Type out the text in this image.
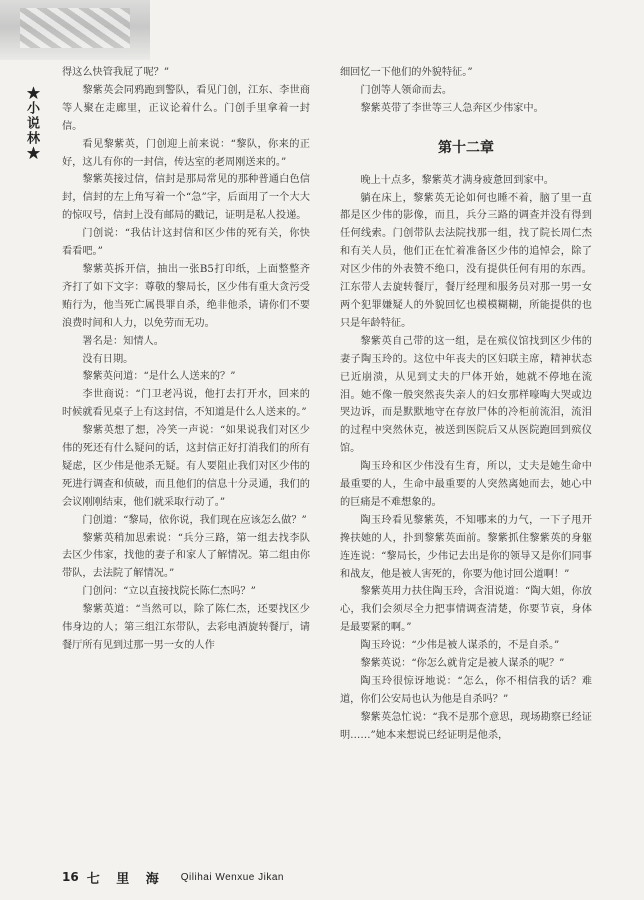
★小说林★

得这么快管我屁了呢？”

黎紫英会同鸦跑到警队，看见门创，江东、李世商等人聚在走廊里，正议论着什么。门创手里拿着一封信。

看见黎紫英，门创迎上前来说：“黎队，你来的正好，这儿有你的一封信，传达室的老周刚送来的。”

黎紫英接过信，信封是那局常见的那种普通白色信封，信封的左上角写着一个“急”字，后面用了一个大大的惊叹号，信封上没有邮局的戳记，证明是私人投递。

门创说：“我估计这封信和区少伟的死有关，你快看看吧。”

黎紫英拆开信，抽出一张B5打印纸，上面整整齐齐打了如下文字：尊敬的黎局长，区少伟有重大贪污受贿行为，他当死亡属畏罪自杀，绝非他杀，请你们不要浪费时间和人力，以免劳而无功。

署名是：知情人。

没有日期。

黎紫英问道：“是什么人送来的？”

李世商说：“门卫老冯说，他打去打开水，回来的时候就看见桌子上有这封信，不知道是什么人送来的。”

黎紫英想了想，冷笑一声说：“如果说我们对区少伟的死还有什么疑问的话，这封信正好打消我们的所有疑虑，区少伟是他杀无疑。有人要阻止我们对区少伟的死进行调查和侦破，而且他们的信息十分灵通，我们的会议刚刚结束，他们就采取行动了。”

门创道：“黎局，依你说，我们现在应该怎么做？”

黎紫英稍加思索说：“兵分三路，第一组去找李队去区少伟家，找他的妻子和家人了解情况。第二组由你带队，去法院了解情况。”

门创问：“立以直接找院长陈仁杰吗？”

黎紫英道：“当然可以，除了陈仁杰，还要找区少伟身边的人；第三组江东带队，去彩电酒旋转餐厅，请餐厅所有见到过那一男一女的人作

细回忆一下他们的外貌特征。”

门创等人领命而去。

黎紫英带了李世等三人急奔区少伟家中。

第十二章

晚上十点多，黎紫英才满身疲惫回到家中。

躺在床上，黎紫英无论如何也睡不着，脑了里一直都是区少伟的影像，而且，兵分三路的调查并没有得到任何线索。门创带队去法院找那一组，找了院长周仁杰和有关人员，他们正在忙着准备区少伟的追悼会，除了对区少伟的外表赞不绝口，没有提供任何有用的东西。江东带人去旋转餐厅，餐厅经理和服务员对那一男一女两个犯罪嫌疑人的外貌回忆也模模糊糊，所能提供的也只是年龄特征。

黎紫英自己带的这一组，是在殡仪馆找到区少伟的妻子陶玉玲的。这位中年丧夫的区妇联主席，精神状态已近崩溃，从见到丈夫的尸体开始，她就不停地在流泪。她不像一般突然丧失亲人的妇女那样嚎啕大哭或边哭边诉，而是默默地守在存放尸体的冷柜前流泪，流泪的过程中突然休克，被送到医院后又从医院跑回到殡仪馆。

陶玉玲和区少伟没有生育，所以，丈夫是她生命中最重要的人，生命中最重要的人突然离她而去，她心中的巨痛是不难想象的。

陶玉玲看见黎紫英，不知哪来的力气，一下子甩开搀扶她的人，扑到黎紫英面前。黎紫抓住黎紫英的身躯连连说：“黎局长，少伟记去出是你的领导又是你们同事和战友，他是被人害死的，你要为他讨回公道啊！”

黎紫英用力扶住陶玉玲，含泪说道：“陶大姐，你放心，我们会须尽全力把事情调查清楚，你要节哀，身体是最要紧的啊。”

陶玉玲说：“少伟是被人谋杀的，不是自杀。”

黎紫英说：“你怎么就肯定是被人谋杀的呢？”

陶玉玲很惊讶地说：“怎么，你不相信我的话？难道，你们公安局也认为他是自杀吗？”

黎紫英急忙说：“我不是那个意思，现场勘察已经证明……”她本来想说已经证明是他杀，

16 七 里 海 Qilihai Wenxue Jikan
